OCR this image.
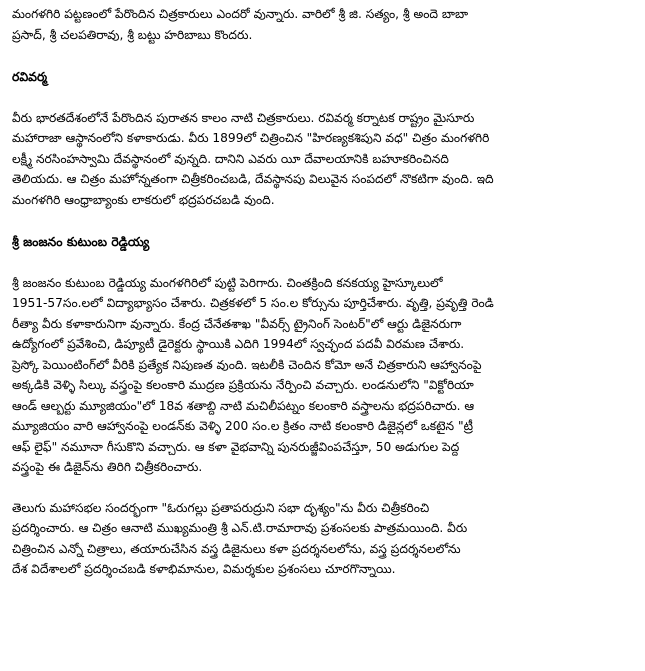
మంగళగిరి పట్టణంలో పేరొందిన చిత్రకారులు ఎందరో వున్నారు. వారిలో శ్రీ జి. సత్యం, శ్రీ అందె బాబా
ప్రసాద్, శ్రీ చలపతిరావు, శ్రీ బట్టు హరిబాబు కొందరు.

రవివర్మ

వీరు భారతదేశంలోనే పేరొందిన పురాతన కాలం నాటి చిత్రకారులు. రవివర్మ కర్నాటక రాష్ట్రం మైసూరు
మహారాజా ఆస్థానంలోని కళాకారుడు. వీరు 1899లో చిత్రించిన "హిరణ్యకశిపుని వధ" చిత్రం మంగళగిరి
లక్ష్మీ నరసింహస్వామి దేవస్థానంలో వున్నది. దానిని ఎవరు యీ దేవాలయానికి బహూకరించినది
తెలియదు. ఆ చిత్రం మహోన్నతంగా చిత్రీకరించబడి, దేవస్థానపు విలువైన సంపదలో నొకటిగా వుంది. ఇది
మంగళగిరి ఆంధ్రాబ్యాంకు లాకరులో భద్రపరచబడి వుంది.

శ్రీ జంజనం కుటుంబ రెడ్డియ్య

శ్రీ జంజనం కుటుంబ రెడ్డియ్య మంగళగిరిలో పుట్టి పెరిగారు. చింతక్రింది కనకయ్య హైస్కూలులో
1951-57సం.లలో విద్యాభ్యాసం చేశారు. చిత్రకళలో 5 సం.ల కోర్సును పూర్తిచేశారు. వృత్తి, ప్రవృత్తి రెండి
రీత్యా వీరు కళాకారునిగా వున్నారు. కేంద్ర చేనేతశాఖ "వీవర్స్ ట్రైనింగ్ సెంటర్"లో ఆర్టు డిజైనరుగా
ఉద్యోగంలో ప్రవేశించి, డిప్యూటీ డైరెక్టరు స్థాయికి ఎదిగి 1994లో స్వచ్ఛంద పదవీ విరమణ చేశారు.
ప్రెస్కో పెయింటింగ్‌లో వీరికి ప్రత్యేక నిపుణత వుంది. ఇటలీకి చెందిన కోమో అనే చిత్రకారుని ఆహ్వానంపై
అక్కడికి వెళ్ళి సిల్కు వస్త్రంపై కలంకారి ముద్రణ ప్రక్రియను నేర్పించి వచ్చారు. లండనులోని "విక్టోరియా
ఆండ్ ఆల్బర్టు మ్యూజియం"లో 18వ శతాబ్ది నాటి మచిలీపట్నం కలంకారి వస్త్రాలను భద్రపరిచారు. ఆ
మ్యూజియం వారి ఆహ్వానంపై లండన్‌కు వెళ్ళి 200 సం.ల క్రితం నాటి కలంకారి డిజైన్లలో ఒకటైన "ట్రీ
ఆఫ్ లైఫ్" నమూనా గీసుకొని వచ్చారు. ఆ కళా వైభవాన్ని పునరుజ్జీవింపచేస్తూ, 50 అడుగుల పెద్ద
వస్త్రంపై ఈ డిజైన్‌ను తిరిగి చిత్రీకరించారు.

తెలుగు మహాసభల సందర్భంగా "ఓరుగల్లు ప్రతాపరుద్రుని సభా దృశ్యం"ను వీరు చిత్రీకరించి
ప్రదర్శించారు. ఆ చిత్రం ఆనాటి ముఖ్యమంత్రి శ్రీ ఎన్.టి.రామారావు ప్రశంసలకు పాత్రమయింది. వీరు
చిత్రించిన ఎన్నో చిత్రాలు, తయారుచేసిన వస్త్ర డిజైనులు కళా ప్రదర్శనలలోను, వస్త్ర ప్రదర్శనలలోను
దేశ విదేశాలలో ప్రదర్శించబడి కళాభిమానుల, విమర్శకుల ప్రశంసలు చూరగొన్నాయి.
